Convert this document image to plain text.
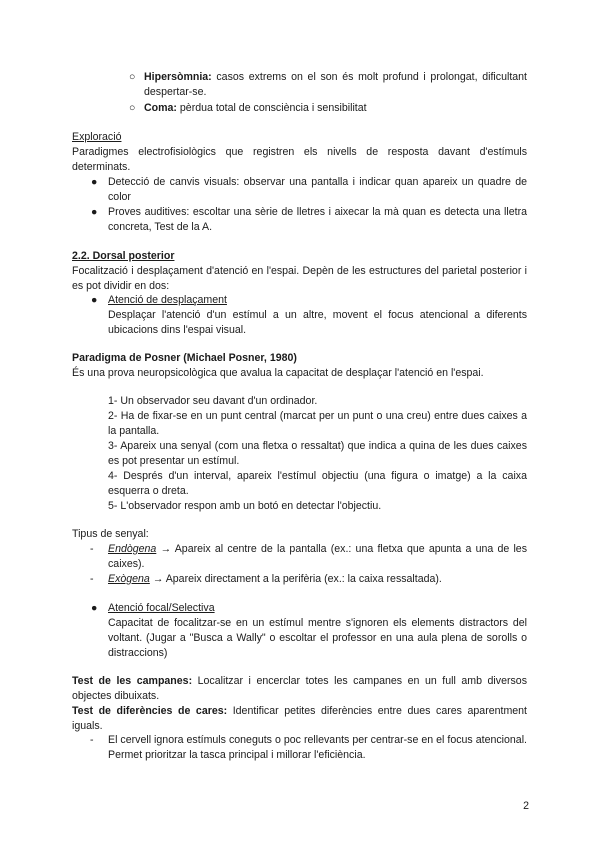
○ Hipersòmnia: casos extrems on el son és molt profund i prolongat, dificultant despertar-se.

○ Coma: pèrdua total de consciència i sensibilitat

Exploració

Paradigmes electrofisiològics que registren els nivells de resposta davant d'estímuls determinats.

● Detecció de canvis visuals: observar una pantalla i indicar quan apareix un quadre de color

● Proves auditives: escoltar una sèrie de lletres i aixecar la mà quan es detecta una lletra concreta, Test de la A.

2.2. Dorsal posterior

Focalització i desplaçament d'atenció en l'espai. Depèn de les estructures del parietal posterior i es pot dividir en dos:

● Atenció de desplaçament

Desplaçar l'atenció d'un estímul a un altre, movent el focus atencional a diferents ubicacions dins l'espai visual.

Paradigma de Posner (Michael Posner, 1980)

És una prova neuropsicològica que avalua la capacitat de desplaçar l'atenció en l'espai.

1- Un observador seu davant d'un ordinador.

2- Ha de fixar-se en un punt central (marcat per un punt o una creu) entre dues caixes a la pantalla.

3- Apareix una senyal (com una fletxa o ressaltat) que indica a quina de les dues caixes es pot presentar un estímul.

4- Després d'un interval, apareix l'estímul objectiu (una figura o imatge) a la caixa esquerra o dreta.

5- L'observador respon amb un botó en detectar l'objectiu.

Tipus de senyal:

- Endògena → Apareix al centre de la pantalla (ex.: una fletxa que apunta a una de les caixes).

- Exògena → Apareix directament a la perifèria (ex.: la caixa ressaltada).

● Atenció focal/Selectiva

Capacitat de focalitzar-se en un estímul mentre s'ignoren els elements distractors del voltant. (Jugar a "Busca a Wally" o escoltar el professor en una aula plena de sorolls o distraccions)

Test de les campanes: Localitzar i encerclar totes les campanes en un full amb diversos objectes dibuixats.

Test de diferències de cares: Identificar petites diferències entre dues cares aparentment iguals.

- El cervell ignora estímuls coneguts o poc rellevants per centrar-se en el focus atencional. Permet prioritzar la tasca principal i millorar l'eficiència.

2
